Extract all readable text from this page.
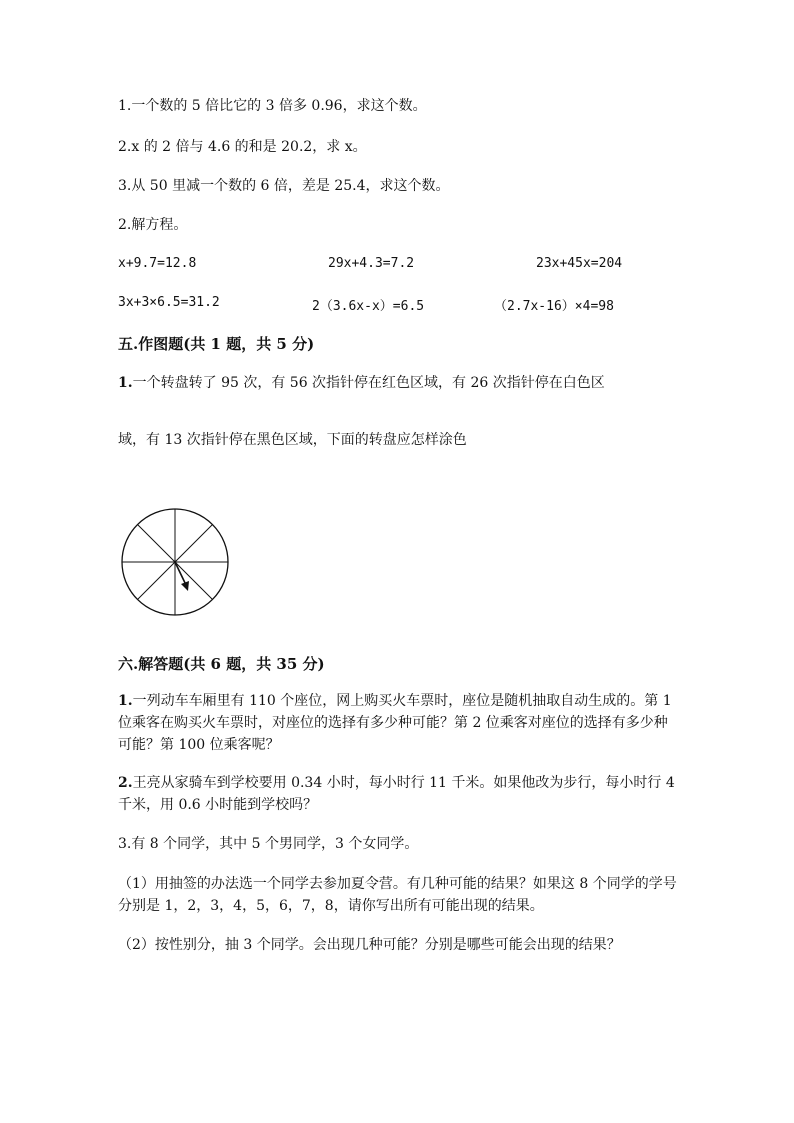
1.一个数的 5 倍比它的 3 倍多 0.96，求这个数。
2.x 的 2 倍与 4.6 的和是 20.2，求 x。
3.从 50 里减一个数的 6 倍，差是 25.4，求这个数。
2.解方程。
x+9.7=12.8	29x+4.3=7.2	23x+45x=204
3x+3×6.5=31.2	2（3.6x-x）=6.5	（2.7x-16）×4=98
五.作图题(共 1 题，共 5 分)
1.一个转盘转了 95 次，有 56 次指针停在红色区域，有 26 次指针停在白色区
域，有 13 次指针停在黑色区域，下面的转盘应怎样涂色
六.解答题(共 6 题，共 35 分)
1.一列动车车厢里有 110 个座位，网上购买火车票时，座位是随机抽取自动生成的。第 1 位乘客在购买火车票时，对座位的选择有多少种可能？第 2 位乘客对座位的选择有多少种可能？第 100 位乘客呢？
2.王亮从家骑车到学校要用 0.34 小时，每小时行 11 千米。如果他改为步行，每小时行 4 千米，用 0.6 小时能到学校吗？
3.有 8 个同学，其中 5 个男同学，3 个女同学。
（1）用抽签的办法选一个同学去参加夏令营。有几种可能的结果？如果这 8 个同学的学号分别是 1，2，3，4，5，6，7，8，请你写出所有可能出现的结果。
（2）按性别分，抽 3 个同学。会出现几种可能？分别是哪些可能会出现的结果？
